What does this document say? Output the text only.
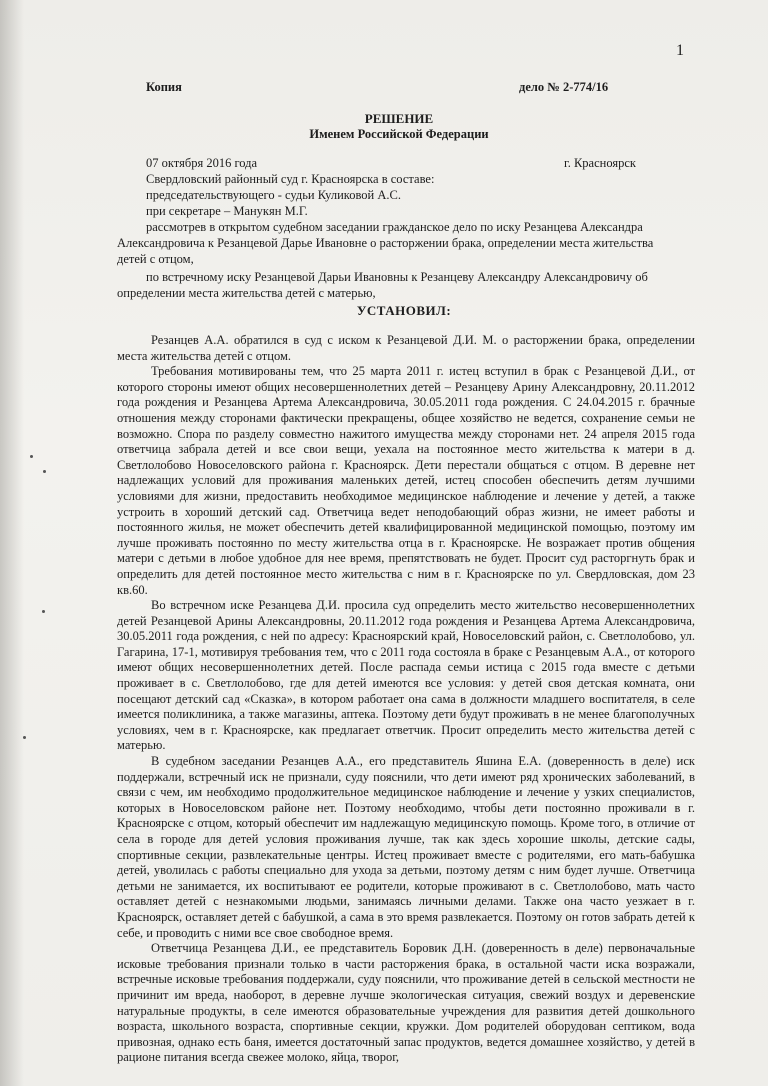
1
Копия	дело № 2-774/16
РЕШЕНИЕ
Именем Российской Федерации
07 октября 2016 года	г. Красноярск
Свердловский районный суд г. Красноярска в составе:
председательствующего - судьи Куликовой А.С.
при секретаре – Манукян М.Г.
рассмотрев в открытом судебном заседании гражданское дело по иску Резанцева Александра
Александровича к Резанцевой Дарье Ивановне о расторжении брака, определении места жительства
детей с отцом,
по встречному иску Резанцевой Дарьи Ивановны к Резанцеву Александру Александровичу об
определении места жительства детей с матерью,
УСТАНОВИЛ:

Резанцев А.А. обратился в суд с иском к Резанцевой Д.И. М. о расторжении брака, определении места жительства детей с отцом.

Требования мотивированы тем, что 25 марта 2011 г. истец вступил в брак с Резанцевой Д.И., от которого стороны имеют общих несовершеннолетних детей – Резанцеву Арину Александровну, 20.11.2012 года рождения и Резанцева Артема Александровича, 30.05.2011 года рождения. С 24.04.2015 г. брачные отношения между сторонами фактически прекращены, общее хозяйство не ведется, сохранение семьи не возможно. Спора по разделу совместно нажитого имущества между сторонами нет. 24 апреля 2015 года ответчица забрала детей и все свои вещи, уехала на постоянное место жительства к матери в д. Светлолобово Новоселовского района г. Красноярск. Дети перестали общаться с отцом. В деревне нет надлежащих условий для проживания маленьких детей, истец способен обеспечить детям лучшими условиями для жизни, предоставить необходимое медицинское наблюдение и лечение у детей, а также устроить в хороший детский сад. Ответчица ведет неподобающий образ жизни, не имеет работы и постоянного жилья, не может обеспечить детей квалифицированной медицинской помощью, поэтому им лучше проживать постоянно по месту жительства отца в г. Красноярске. Не возражает против общения матери с детьми в любое удобное для нее время, препятствовать не будет. Просит суд расторгнуть брак и определить для детей постоянное место жительства с ним в г. Красноярске по ул. Свердловская, дом 23 кв.60.

Во встречном иске Резанцева Д.И. просила суд определить место жительство несовершеннолетних детей Резанцевой Арины Александровны, 20.11.2012 года рождения и Резанцева Артема Александровича, 30.05.2011 года рождения, с ней по адресу: Красноярский край, Новоселовский район, с. Светлолобово, ул. Гагарина, 17-1, мотивируя требования тем, что с 2011 года состояла в браке с Резанцевым А.А., от которого имеют общих несовершеннолетних детей. После распада семьи истица с 2015 года вместе с детьми проживает в с. Светлолобово, где для детей имеются все условия: у детей своя детская комната, они посещают детский сад «Сказка», в котором работает она сама в должности младшего воспитателя, в селе имеется поликлиника, а также магазины, аптека. Поэтому дети будут проживать в не менее благополучных условиях, чем в г. Красноярске, как предлагает ответчик. Просит определить место жительства детей с матерью.

В судебном заседании Резанцев А.А., его представитель Яшина Е.А. (доверенность в деле) иск поддержали, встречный иск не признали, суду пояснили, что дети имеют ряд хронических заболеваний, в связи с чем, им необходимо продолжительное медицинское наблюдение и лечение у узких специалистов, которых в Новоселовском районе нет. Поэтому необходимо, чтобы дети постоянно проживали в г. Красноярске с отцом, который обеспечит им надлежащую медицинскую помощь. Кроме того, в отличие от села в городе для детей условия проживания лучше, так как здесь хорошие школы, детские сады, спортивные секции, развлекательные центры. Истец проживает вместе с родителями, его мать-бабушка детей, уволилась с работы специально для ухода за детьми, поэтому детям с ним будет лучше. Ответчица детьми не занимается, их воспитывают ее родители, которые проживают в с. Светлолобово, мать часто оставляет детей с незнакомыми людьми, занимаясь личными делами. Также она часто уезжает в г. Красноярск, оставляет детей с бабушкой, а сама в это время развлекается. Поэтому он готов забрать детей к себе, и проводить с ними все свое свободное время.

Ответчица Резанцева Д.И., ее представитель Боровик Д.Н. (доверенность в деле) первоначальные исковые требования признали только в части расторжения брака, в остальной части иска возражали, встречные исковые требования поддержали, суду пояснили, что проживание детей в сельской местности не причинит им вреда, наоборот, в деревне лучше экологическая ситуация, свежий воздух и деревенские натуральные продукты, в селе имеются образовательные учреждения для развития детей дошкольного возраста, школьного возраста, спортивные секции, кружки. Дом родителей оборудован септиком, вода привозная, однако есть баня, имеется достаточный запас продуктов, ведется домашнее хозяйство, у детей в рационе питания всегда свежее молоко, яйца, творог,
